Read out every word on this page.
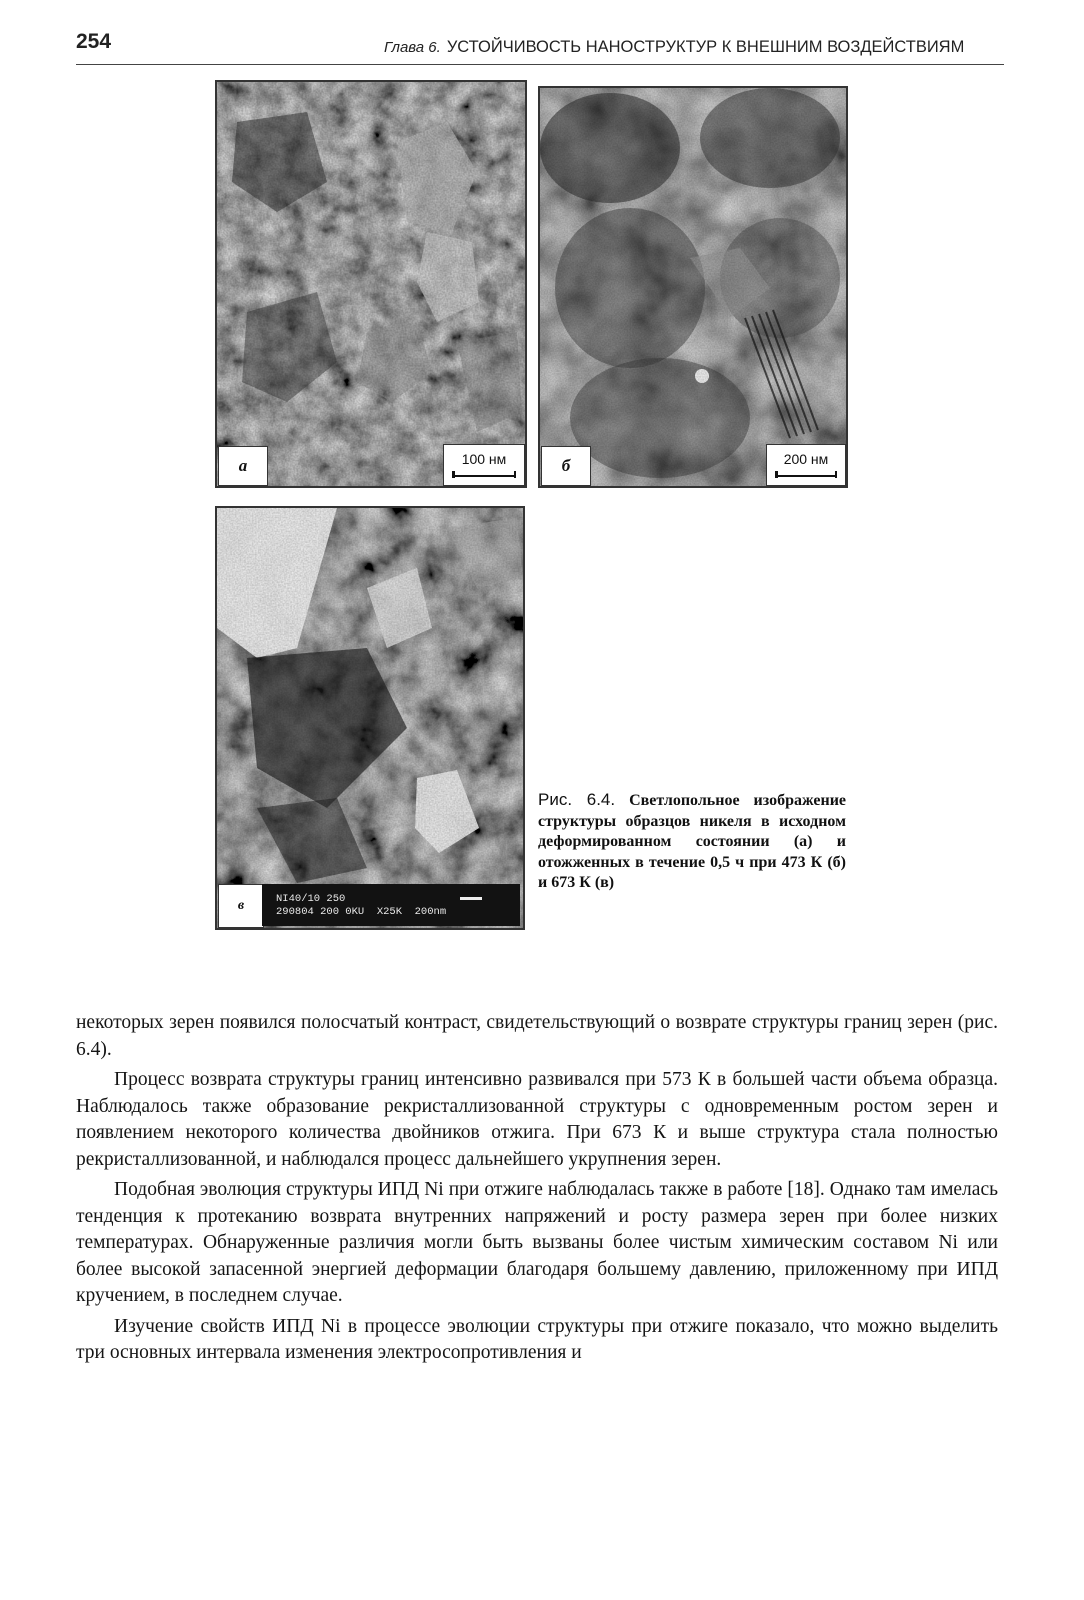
254	Глава 6. УСТОЙЧИВОСТЬ НАНОСТРУКТУР К ВНЕШНИМ ВОЗДЕЙСТВИЯМ
а	100 нм	б	200 нм
в	NI40/10 250
290804 200 0KU  X25K  200nm
Рис. 6.4. Светлопольное изображение структуры образцов никеля в исходном деформированном состоянии (а) и отожженных в течение 0,5 ч при 473 К (б) и 673 К (в)

некоторых зерен появился полосчатый контраст, свидетельствующий о возврате структуры границ зерен (рис. 6.4).

Процесс возврата структуры границ интенсивно развивался при 573 К в большей части объема образца. Наблюдалось также образование рекристаллизованной структуры с одновременным ростом зерен и появлением некоторого количества двойников отжига. При 673 К и выше структура стала полностью рекристаллизованной, и наблюдался процесс дальнейшего укрупнения зерен.

Подобная эволюция структуры ИПД Ni при отжиге наблюдалась также в работе [18]. Однако там имелась тенденция к протеканию возврата внутренних напряжений и росту размера зерен при более низких температурах. Обнаруженные различия могли быть вызваны более чистым химическим составом Ni или более высокой запасенной энергией деформации благодаря большему давлению, приложенному при ИПД кручением, в последнем случае.

Изучение свойств ИПД Ni в процессе эволюции структуры при отжиге показало, что можно выделить три основных интервала изменения электросопротивления и
